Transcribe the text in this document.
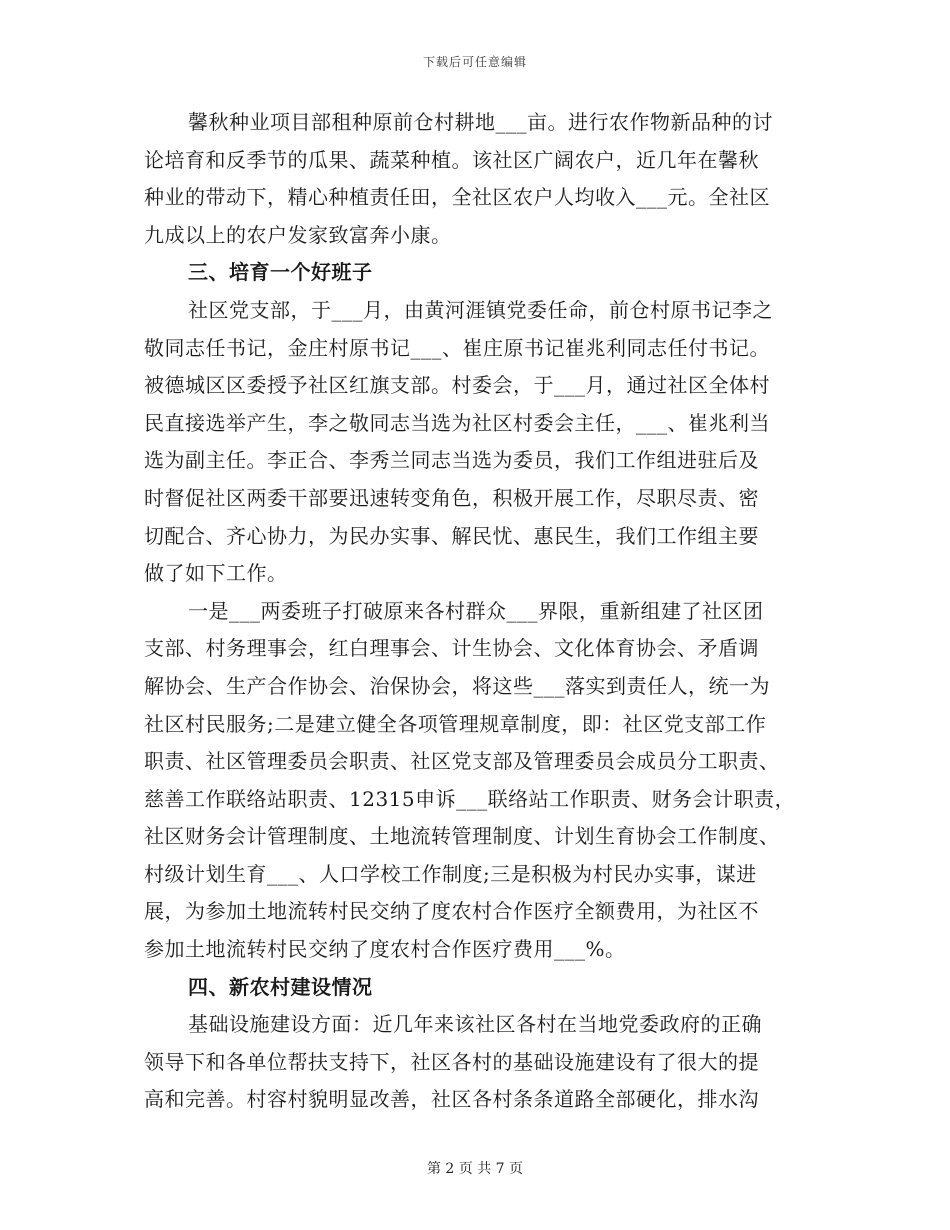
下载后可任意编辑
馨秋种业项目部租种原前仓村耕地___亩。进行农作物新品种的讨
论培育和反季节的瓜果、蔬菜种植。该社区广阔农户，近几年在馨秋
种业的带动下，精心种植责任田，全社区农户人均收入___元。全社区
九成以上的农户发家致富奔小康。
三、培育一个好班子
社区党支部，于___月，由黄河涯镇党委任命，前仓村原书记李之
敬同志任书记，金庄村原书记___、崔庄原书记崔兆利同志任付书记。
被德城区区委授予社区红旗支部。村委会，于___月，通过社区全体村
民直接选举产生，李之敬同志当选为社区村委会主任，___、崔兆利当
选为副主任。李正合、李秀兰同志当选为委员，我们工作组进驻后及
时督促社区两委干部要迅速转变角色，积极开展工作，尽职尽责、密
切配合、齐心协力，为民办实事、解民忧、惠民生，我们工作组主要
做了如下工作。
一是___两委班子打破原来各村群众___界限，重新组建了社区团
支部、村务理事会，红白理事会、计生协会、文化体育协会、矛盾调
解协会、生产合作协会、治保协会，将这些___落实到责任人，统一为
社区村民服务;二是建立健全各项管理规章制度，即：社区党支部工作
职责、社区管理委员会职责、社区党支部及管理委员会成员分工职责、
慈善工作联络站职责、12315申诉___联络站工作职责、财务会计职责，
社区财务会计管理制度、土地流转管理制度、计划生育协会工作制度、
村级计划生育___、人口学校工作制度;三是积极为村民办实事，谋进
展，为参加土地流转村民交纳了度农村合作医疗全额费用，为社区不
参加土地流转村民交纳了度农村合作医疗费用___%。
四、新农村建设情况
基础设施建设方面：近几年来该社区各村在当地党委政府的正确
领导下和各单位帮扶支持下，社区各村的基础设施建设有了很大的提
高和完善。村容村貌明显改善，社区各村条条道路全部硬化，排水沟
第 2 页 共 7 页
